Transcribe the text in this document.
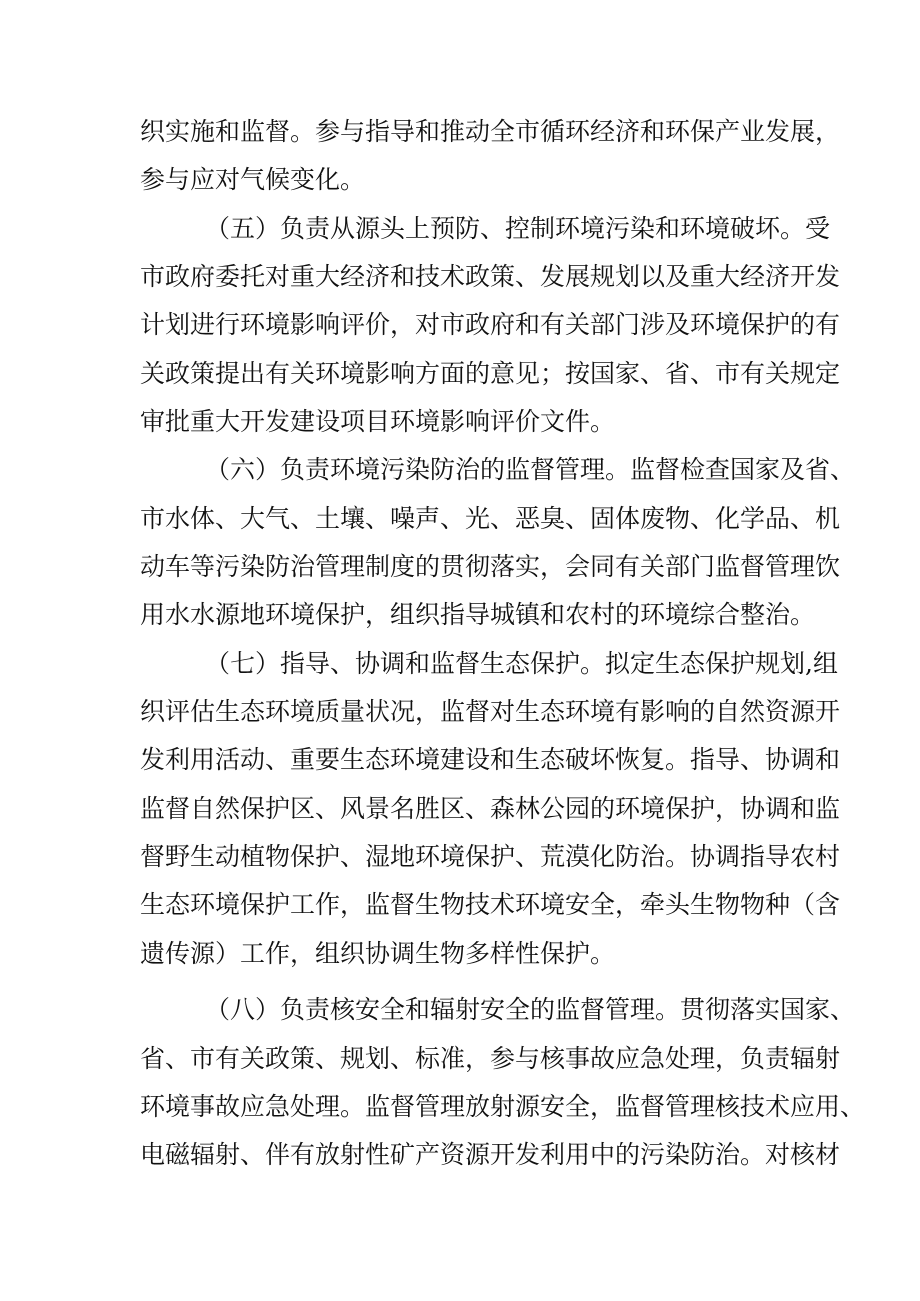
织实施和监督。参与指导和推动全市循环经济和环保产业发展，
参与应对气候变化。
（五）负责从源头上预防、控制环境污染和环境破坏。受
市政府委托对重大经济和技术政策、发展规划以及重大经济开发
计划进行环境影响评价，对市政府和有关部门涉及环境保护的有
关政策提出有关环境影响方面的意见；按国家、省、市有关规定
审批重大开发建设项目环境影响评价文件。
（六）负责环境污染防治的监督管理。监督检查国家及省、
市水体、大气、土壤、噪声、光、恶臭、固体废物、化学品、机
动车等污染防治管理制度的贯彻落实，会同有关部门监督管理饮
用水水源地环境保护，组织指导城镇和农村的环境综合整治。
（七）指导、协调和监督生态保护。拟定生态保护规划,组
织评估生态环境质量状况，监督对生态环境有影响的自然资源开
发利用活动、重要生态环境建设和生态破坏恢复。指导、协调和
监督自然保护区、风景名胜区、森林公园的环境保护，协调和监
督野生动植物保护、湿地环境保护、荒漠化防治。协调指导农村
生态环境保护工作，监督生物技术环境安全，牵头生物物种（含
遗传源）工作，组织协调生物多样性保护。
（八）负责核安全和辐射安全的监督管理。贯彻落实国家、
省、市有关政策、规划、标准，参与核事故应急处理，负责辐射
环境事故应急处理。监督管理放射源安全，监督管理核技术应用、
电磁辐射、伴有放射性矿产资源开发利用中的污染防治。对核材
